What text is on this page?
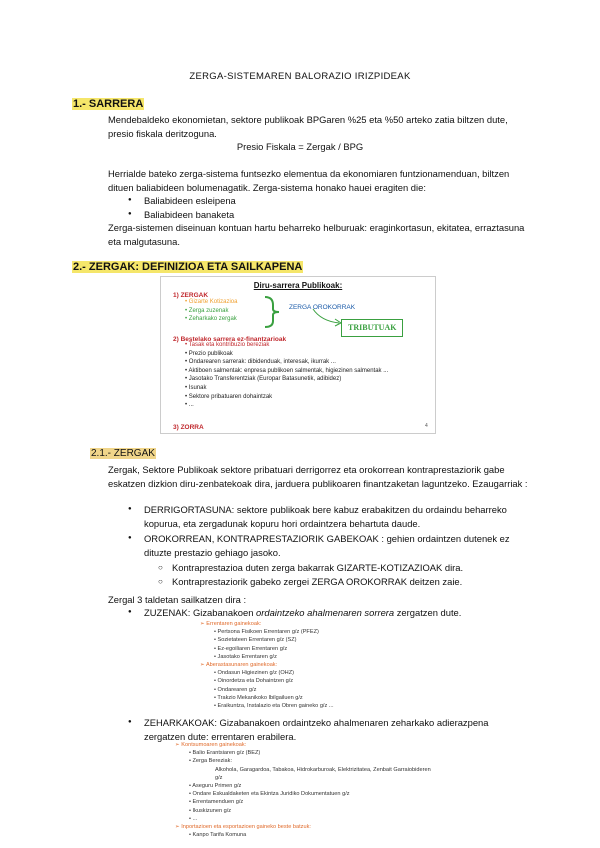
ZERGA-SISTEMAREN BALORAZIO IRIZPIDEAK
1.- SARRERA
Mendebaldeko ekonomietan, sektore publikoak BPGaren %25 eta %50 arteko zatia biltzen dute, presio fiskala deritzoguna.
Presio Fiskala = Zergak / BPG
Herrialde bateko zerga-sistema funtsezko elementua da ekonomiaren funtzionamenduan, biltzen dituen baliabideen bolumenagatik. Zerga-sistema honako hauei eragiten die:
● Baliabideen esleipena
● Baliabideen banaketa
Zerga-sistemen diseinuan kontuan hartu beharreko helburuak: eraginkortasun, ekitatea, erraztasuna eta malgutasuna.
2.- ZERGAK: DEFINIZIOA ETA SAILKAPENA
Diru-sarrera Publikoak:
1) ZERGAK
• Gizarte Kotizazioa
• Zerga zuzenak
• Zeharkako zergak
ZERGA OROKORRAK
TRIBUTUAK
2) Bestelako sarrera ez-finantzarioak
• Tasak eta kontribuzio bereziak
• Prezio publikoak
• Ondarearen sarrerak: dibidenduak, interesak, ikurrak ...
• Aktiboen salmentak: enpresa publikoen salmentak, higiezinen salmentak ...
• Jasotako Transferentziak (Europar Batasunetik, adibidez)
• Isunak
• Sektore pribatuaren dohaintzak
• ...
3) ZORRA	4
2.1.- ZERGAK
Zergak, Sektore Publikoak sektore pribatuari derrigorrez eta orokorrean kontraprestaziorik gabe eskatzen dizkion diru-zenbatekoak dira, jarduera publikoaren finantzaketan laguntzeko. Ezaugarriak :
● DERRIGORTASUNA: sektore publikoak bere kabuz erabakitzen du ordaindu beharreko kopurua, eta zergadunak kopuru hori ordaintzera behartuta daude.
● OROKORREAN, KONTRAPRESTAZIORIK GABEKOAK : gehien ordaintzen dutenek ez dituzte prestazio gehiago jasoko.
○ Kontraprestazioa duten zerga bakarrak GIZARTE-KOTIZAZIOAK dira.
○ Kontraprestaziorik gabeko zergei ZERGA OROKORRAK deitzen zaie.
Zergal 3 taldetan sailkatzen dira :
● ZUZENAK: Gizabanakoen ordaintzeko ahalmenaren sorrera zergatzen dute.
➢ Errentaren gainekoak:
• Pertsona Fisikoen Errentaren g/z (PFEZ)
• Sozietateen Errentaren g/z (SZ)
• Ez-egoiliaren Errentaren g/z
• Jasotako Errentaren g/z
➢ Aberastasunaren gainekoak:
• Ondasun Higiezinen g/z (OHZ)
• Oinordetza eta Dohaintzen g/z
• Ondarearen g/z
• Trakzio Mekanikoko Ibilgailuen g/z
• Eraikuntza, Instalazio eta Obren gaineko g/z ...
● ZEHARKAKOAK: Gizabanakoen ordaintzeko ahalmenaren zeharkako adierazpena zergatzen dute: errentaren erabilera.
➢ Kontsumoaren gainekoak:
• Balio Erantsiaren g/z (BEZ)
• Zerga Bereziak:
Alkohola, Garagardoa, Tabakoa, Hidrokarburoak, Elektrizitatea, Zenbait Garraiobideren g/z
• Aseguru Primen g/z
• Ondare Eskualdaketen eta Ekintza Juridiko Dokumentatuen g/z
• Errentamenduen g/z
• Ikuskizunen g/z
• ...
➢ Inportazioen eta esportazioen gaineko beste batzuk:
• Kanpo Tarifa Komuna
